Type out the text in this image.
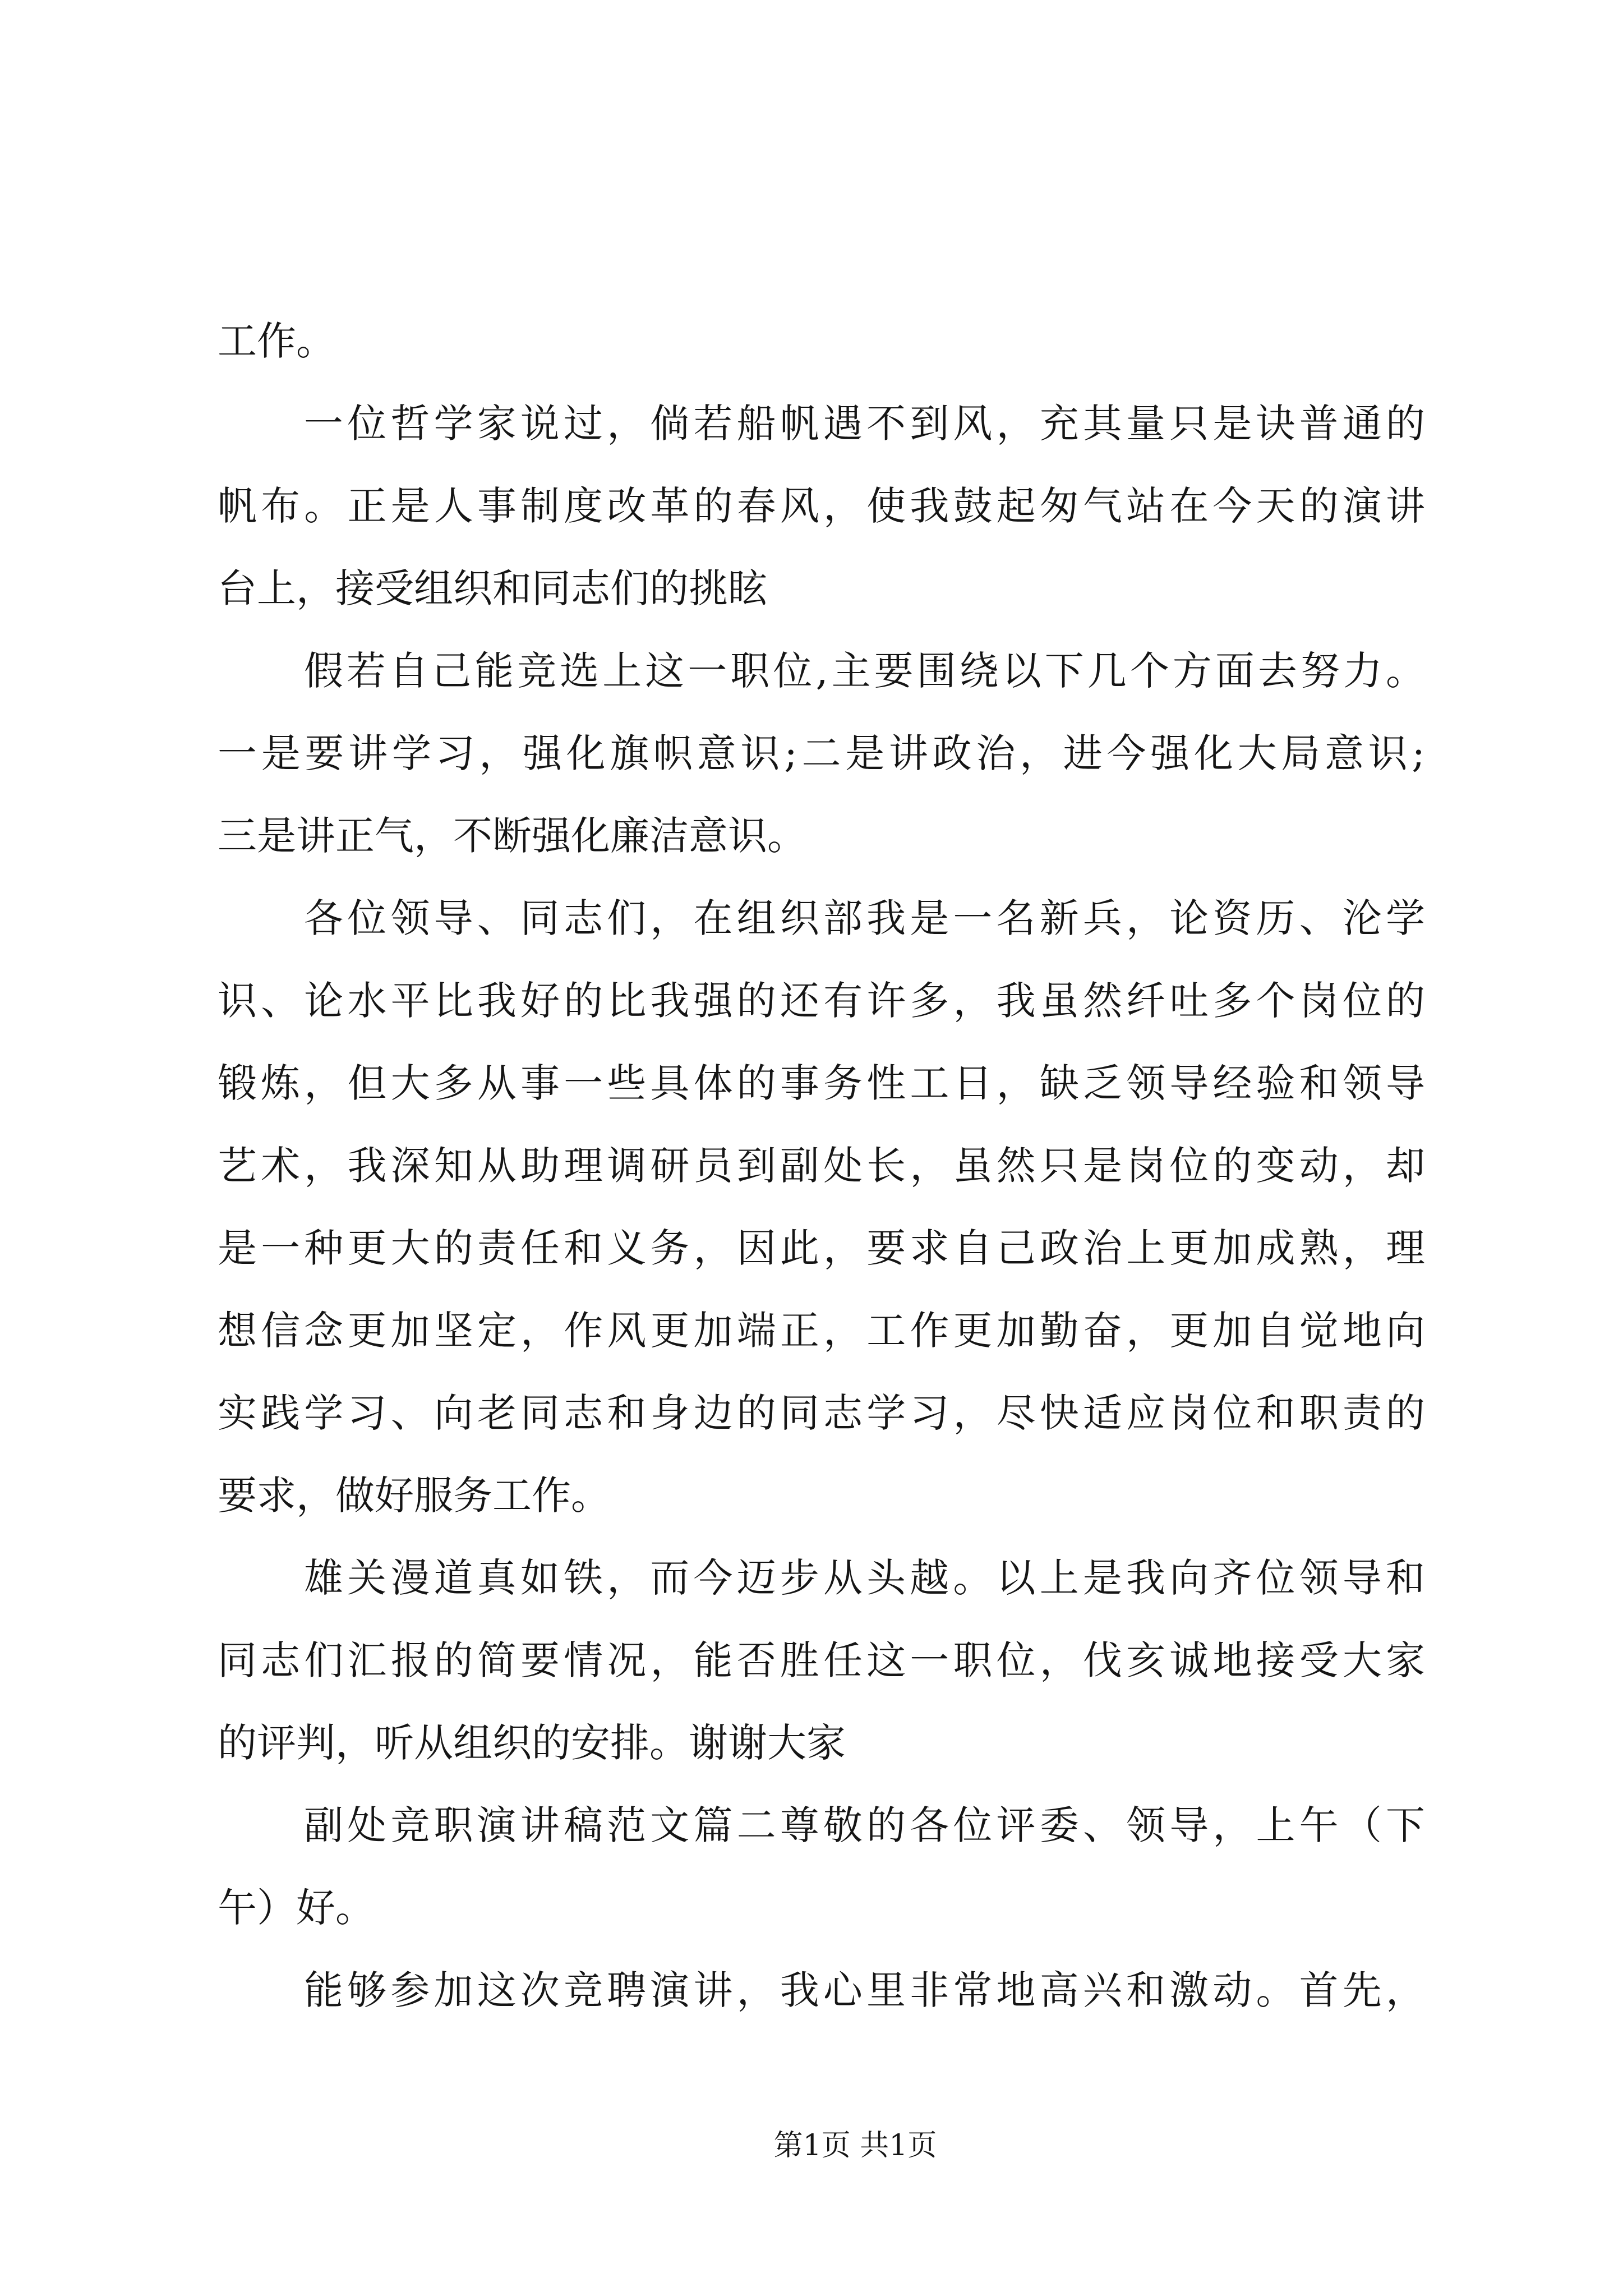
工作。
一位哲学家说过，倘若船帆遇不到风，充其量只是诀普通的
帆布。正是人事制度改革的春风，使我鼓起匆气站在今天的演讲
台上，接受组织和同志们的挑眩
假若自己能竞选上这一职位,主要围绕以下几个方面去努力。
一是要讲学习，强化旗帜意识;二是讲政治，进今强化大局意识;
三是讲正气，不断强化廉洁意识。
各位领导、同志们，在组织部我是一名新兵，论资历、沦学
识、论水平比我好的比我强的还有许多，我虽然纤吐多个岗位的
锻炼，但大多从事一些具体的事务性工日，缺乏领导经验和领导
艺术，我深知从助理调研员到副处长，虽然只是岗位的变动，却
是一种更大的责任和义务，因此，要求自己政治上更加成熟，理
想信念更加坚定，作风更加端正，工作更加勤奋，更加自觉地向
实践学习、向老同志和身边的同志学习，尽快适应岗位和职责的
要求，做好服务工作。
雄关漫道真如铁，而今迈步从头越。以上是我向齐位领导和
同志们汇报的简要情况，能否胜任这一职位，伐亥诚地接受大家
的评判，听从组织的安排。谢谢大家
副处竞职演讲稿范文篇二尊敬的各位评委、领导，上午（下
午）好。
能够参加这次竞聘演讲，我心里非常地高兴和激动。首先，
第1页 共1页
